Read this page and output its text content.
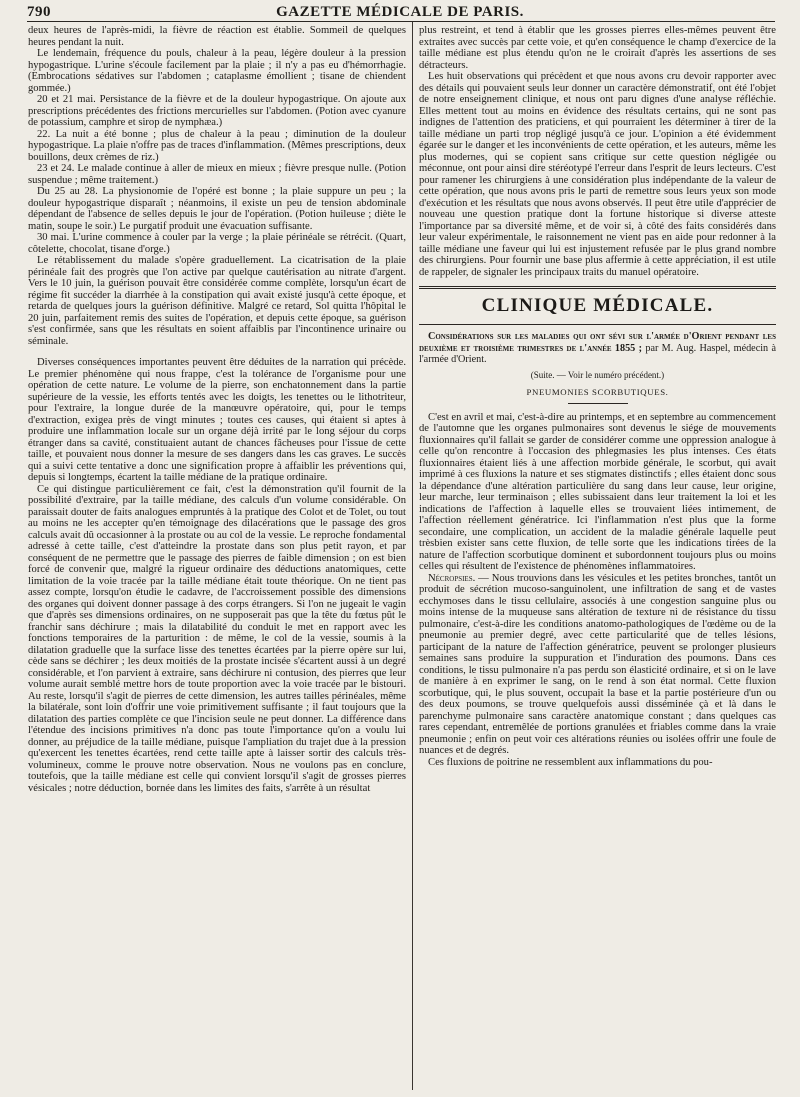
790	GAZETTE MÉDICALE DE PARIS.

deux heures de l'après-midi, la fièvre de réaction est établie. Sommeil de quelques heures pendant la nuit.

Le lendemain, fréquence du pouls, chaleur à la peau, légère douleur à la pression hypogastrique. L'urine s'écoule facilement par la plaie ; il n'y a pas eu d'hémorrhagie. (Embrocations sédatives sur l'abdomen ; cataplasme émollient ; tisane de chiendent gommée.)

20 et 21 mai. Persistance de la fièvre et de la douleur hypogastrique. On ajoute aux prescriptions précédentes des frictions mercurielles sur l'abdomen. (Potion avec cyanure de potassium, camphre et sirop de nymphæa.)

22. La nuit a été bonne ; plus de chaleur à la peau ; diminution de la douleur hypogastrique. La plaie n'offre pas de traces d'inflammation. (Mêmes prescriptions, deux bouillons, deux crèmes de riz.)

23 et 24. Le malade continue à aller de mieux en mieux ; fièvre presque nulle. (Potion suspendue ; même traitement.)

Du 25 au 28. La physionomie de l'opéré est bonne ; la plaie suppure un peu ; la douleur hypogastrique disparaît ; néanmoins, il existe un peu de tension abdominale dépendant de l'absence de selles depuis le jour de l'opération. (Potion huileuse ; diète le matin, soupe le soir.) Le purgatif produit une évacuation suffisante.

30 mai. L'urine commence à couler par la verge ; la plaie périnéale se rétrécit. (Quart, côtelette, chocolat, tisane d'orge.)

Le rétablissement du malade s'opère graduellement. La cicatrisation de la plaie périnéale fait des progrès que l'on active par quelque cautérisation au nitrate d'argent. Vers le 10 juin, la guérison pouvait être considérée comme complète, lorsqu'un écart de régime fit succéder la diarrhée à la constipation qui avait existé jusqu'à cette époque, et retarda de quelques jours la guérison définitive. Malgré ce retard, Sol quitta l'hôpital le 20 juin, parfaitement remis des suites de l'opération, et depuis cette époque, sa guérison s'est confirmée, sans que les résultats en soient affaiblis par l'incontinence urinaire ou séminale.

Diverses conséquences importantes peuvent être déduites de la narration qui précède. Le premier phénomène qui nous frappe, c'est la tolérance de l'organisme pour une opération de cette nature. Le volume de la pierre, son enchatonnement dans la partie supérieure de la vessie, les efforts tentés avec les doigts, les tenettes ou le lithotriteur, pour l'extraire, la longue durée de la manœuvre opératoire, qui, pour le temps d'extraction, exigea près de vingt minutes ; toutes ces causes, qui étaient si aptes à produire une inflammation locale sur un organe déjà irrité par le long séjour du corps étranger dans sa cavité, constituaient autant de chances fâcheuses pour l'issue de cette taille, et pouvaient nous donner la mesure de ses dangers dans les cas graves. Le succès qui a suivi cette tentative a donc une signification propre à affaiblir les préventions qui, depuis si longtemps, écartent la taille médiane de la pratique ordinaire.

Ce qui distingue particulièrement ce fait, c'est la démonstration qu'il fournit de la possibilité d'extraire, par la taille médiane, des calculs d'un volume considérable. On paraissait douter de faits analogues empruntés à la pratique des Colot et de Tolet, ou tout au moins ne les accepter qu'en témoignage des dilacérations que le passage des gros calculs avait dû occasionner à la prostate ou au col de la vessie. Le reproche fondamental adressé à cette taille, c'est d'atteindre la prostate dans son plus petit rayon, et par conséquent de ne permettre que le passage des pierres de faible dimension ; on est bien forcé de convenir que, malgré la rigueur ordinaire des déductions anatomiques, cette limitation de la voie tracée par la taille médiane était toute théorique. On ne tient pas assez compte, lorsqu'on étudie le cadavre, de l'accroissement possible des dimensions des organes qui doivent donner passage à des corps étrangers. Si l'on ne jugeait le vagin que d'après ses dimensions ordinaires, on ne supposerait pas que la tête du fœtus pût le franchir sans déchirure ; mais la dilatabilité du conduit le met en rapport avec les fonctions temporaires de la parturition : de même, le col de la vessie, soumis à la dilatation graduelle que la surface lisse des tenettes écartées par la pierre opère sur lui, cède sans se déchirer ; les deux moitiés de la prostate incisée s'écartent aussi à un degré considérable, et l'on parvient à extraire, sans déchirure ni contusion, des pierres que leur volume aurait semblé mettre hors de toute proportion avec la voie tracée par le bistouri. Au reste, lorsqu'il s'agit de pierres de cette dimension, les autres tailles périnéales, même la bilatérale, sont loin d'offrir une voie primitivement suffisante ; il faut toujours que la dilatation des parties complète ce que l'incision seule ne peut donner. La différence dans l'étendue des incisions primitives n'a donc pas toute l'importance qu'on a voulu lui donner, au préjudice de la taille médiane, puisque l'ampliation du trajet due à la pression qu'exercent les tenettes écartées, rend cette taille apte à laisser sortir des calculs très-volumineux, comme le prouve notre observation. Nous ne voulons pas en conclure, toutefois, que la taille médiane est celle qui convient lorsqu'il s'agit de grosses pierres vésicales ; notre déduction, bornée dans les limites des faits, s'arrête à un résultat

plus restreint, et tend à établir que les grosses pierres elles-mêmes peuvent être extraites avec succès par cette voie, et qu'en conséquence le champ d'exercice de la taille médiane est plus étendu qu'on ne le croirait d'après les assertions de ses détracteurs.

Les huit observations qui précèdent et que nous avons cru devoir rapporter avec des détails qui pouvaient seuls leur donner un caractère démonstratif, ont été l'objet de notre enseignement clinique, et nous ont paru dignes d'une analyse réfléchie. Elles mettent tout au moins en évidence des résultats certains, qui ne sont pas indignes de l'attention des praticiens, et qui pourraient les déterminer à tirer de la taille médiane un parti trop négligé jusqu'à ce jour. L'opinion a été évidemment égarée sur le danger et les inconvénients de cette opération, et les auteurs, même les plus modernes, qui se copient sans critique sur cette question négligée ou méconnue, ont pour ainsi dire stéréotypé l'erreur dans l'esprit de leurs lecteurs. C'est pour ramener les chirurgiens à une considération plus indépendante de la valeur de cette opération, que nous avons pris le parti de remettre sous leurs yeux son mode d'exécution et les résultats que nous avons observés. Il peut être utile d'apprécier de nouveau une question pratique dont la fortune historique si diverse atteste l'importance par sa diversité même, et de voir si, à côté des faits considérés dans leur valeur expérimentale, le raisonnement ne vient pas en aide pour redonner à la taille médiane une faveur qui lui est injustement refusée par le plus grand nombre des chirurgiens. Pour fournir une base plus affermie à cette appréciation, il est utile de rappeler, de signaler les principaux traits du manuel opératoire.

CLINIQUE MÉDICALE.
Considérations sur les maladies qui ont sévi sur l'armée d'Orient pendant les deuxième et troisième trimestres de l'année 1855 ; par M. Aug. Haspel, médecin à l'armée d'Orient.
(Suite. — Voir le numéro précédent.)
PNEUMONIES SCORBUTIQUES.

C'est en avril et mai, c'est-à-dire au printemps, et en septembre au commencement de l'automne que les organes pulmonaires sont devenus le siége de mouvements fluxionnaires qu'il fallait se garder de considérer comme une oppression analogue à celle qu'on rencontre à l'occasion des phlegmasies les plus intenses. Ces états fluxionnaires étaient liés à une affection morbide générale, le scorbut, qui avait imprimé à ces fluxions la nature et ses stigmates distinctifs ; elles étaient donc sous la dépendance d'une altération particulière du sang dans leur cause, leur origine, leur marche, leur terminaison ; elles subissaient dans leur traitement la loi et les indications de l'affection à laquelle elles se trouvaient liées intimement, de l'affection réellement génératrice. Ici l'inflammation n'est plus que la forme secondaire, une complication, un accident de la maladie générale laquelle peut trèsbien exister sans cette fluxion, de telle sorte que les indications tirées de la nature de l'affection scorbutique dominent et subordonnent toujours plus ou moins celles qui résultent de l'existence de phénomènes inflammatoires.

Nécropsies. — Nous trouvions dans les vésicules et les petites bronches, tantôt un produit de sécrétion mucoso-sanguinolent, une infiltration de sang et de vastes ecchymoses dans le tissu cellulaire, associés à une congestion sanguine plus ou moins intense de la muqueuse sans altération de texture ni de résistance du tissu pulmonaire, c'est-à-dire les conditions anatomo-pathologiques de l'œdème ou de la pneumonie au premier degré, avec cette particularité que de telles lésions, participant de la nature de l'affection génératrice, peuvent se prolonger plusieurs semaines sans produire la suppuration et l'induration des poumons. Dans ces conditions, le tissu pulmonaire n'a pas perdu son élasticité ordinaire, et si on le lave de manière à en exprimer le sang, on le rend à son état normal. Cette fluxion scorbutique, qui, le plus souvent, occupait la base et la partie postérieure d'un ou des deux poumons, se trouve quelquefois aussi disséminée çà et là dans le parenchyme pulmonaire sans caractère anatomique constant ; dans quelques cas rares cependant, entremêlée de portions granulées et friables comme dans la vraie pneumonie ; enfin on peut voir ces altérations réunies ou isolées offrir une foule de nuances et de degrés.

Ces fluxions de poitrine ne ressemblent aux inflammations du pou-
